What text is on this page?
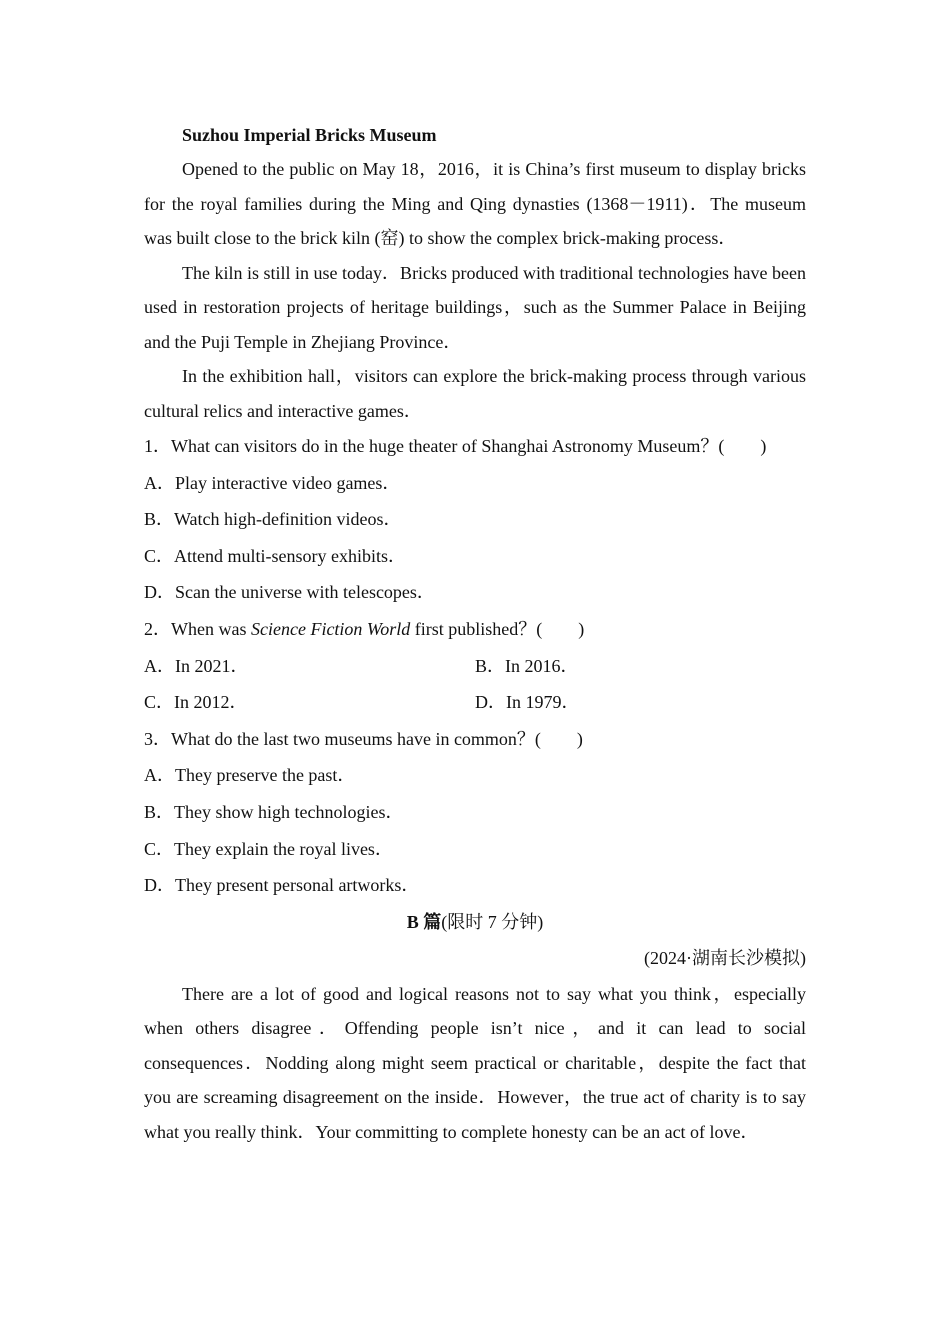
Suzhou Imperial Bricks Museum

Opened to the public on May 18，2016，it is China’s first museum to display bricks for the royal families during the Ming and Qing dynasties (1368－1911)．The museum was built close to the brick kiln (窑) to show the complex brick-making process．

The kiln is still in use today．Bricks produced with traditional technologies have been used in restoration projects of heritage buildings，such as the Summer Palace in Beijing and the Puji Temple in Zhejiang Province．

In the exhibition hall，visitors can explore the brick-making process through various cultural relics and interactive games．

1．What can visitors do in the huge theater of Shanghai Astronomy Museum？(　　)

A．Play interactive video games．

B．Watch high-definition videos．

C．Attend multi-sensory exhibits．

D．Scan the universe with telescopes．

2．When was Science Fiction World first published？(　　)

A．In 2021．	B．In 2016．
C．In 2012．	D．In 1979．

3．What do the last two museums have in common？(　　)

A．They preserve the past．

B．They show high technologies．

C．They explain the royal lives．

D．They present personal artworks．

B 篇(限时 7 分钟)

(2024·湖南长沙模拟)

There are a lot of good and logical reasons not to say what you think，especially when others disagree．Offending people isn’t nice，and it can lead to social consequences．Nodding along might seem practical or charitable，despite the fact that you are screaming disagreement on the inside．However，the true act of charity is to say what you really think．Your committing to complete honesty can be an act of love．
